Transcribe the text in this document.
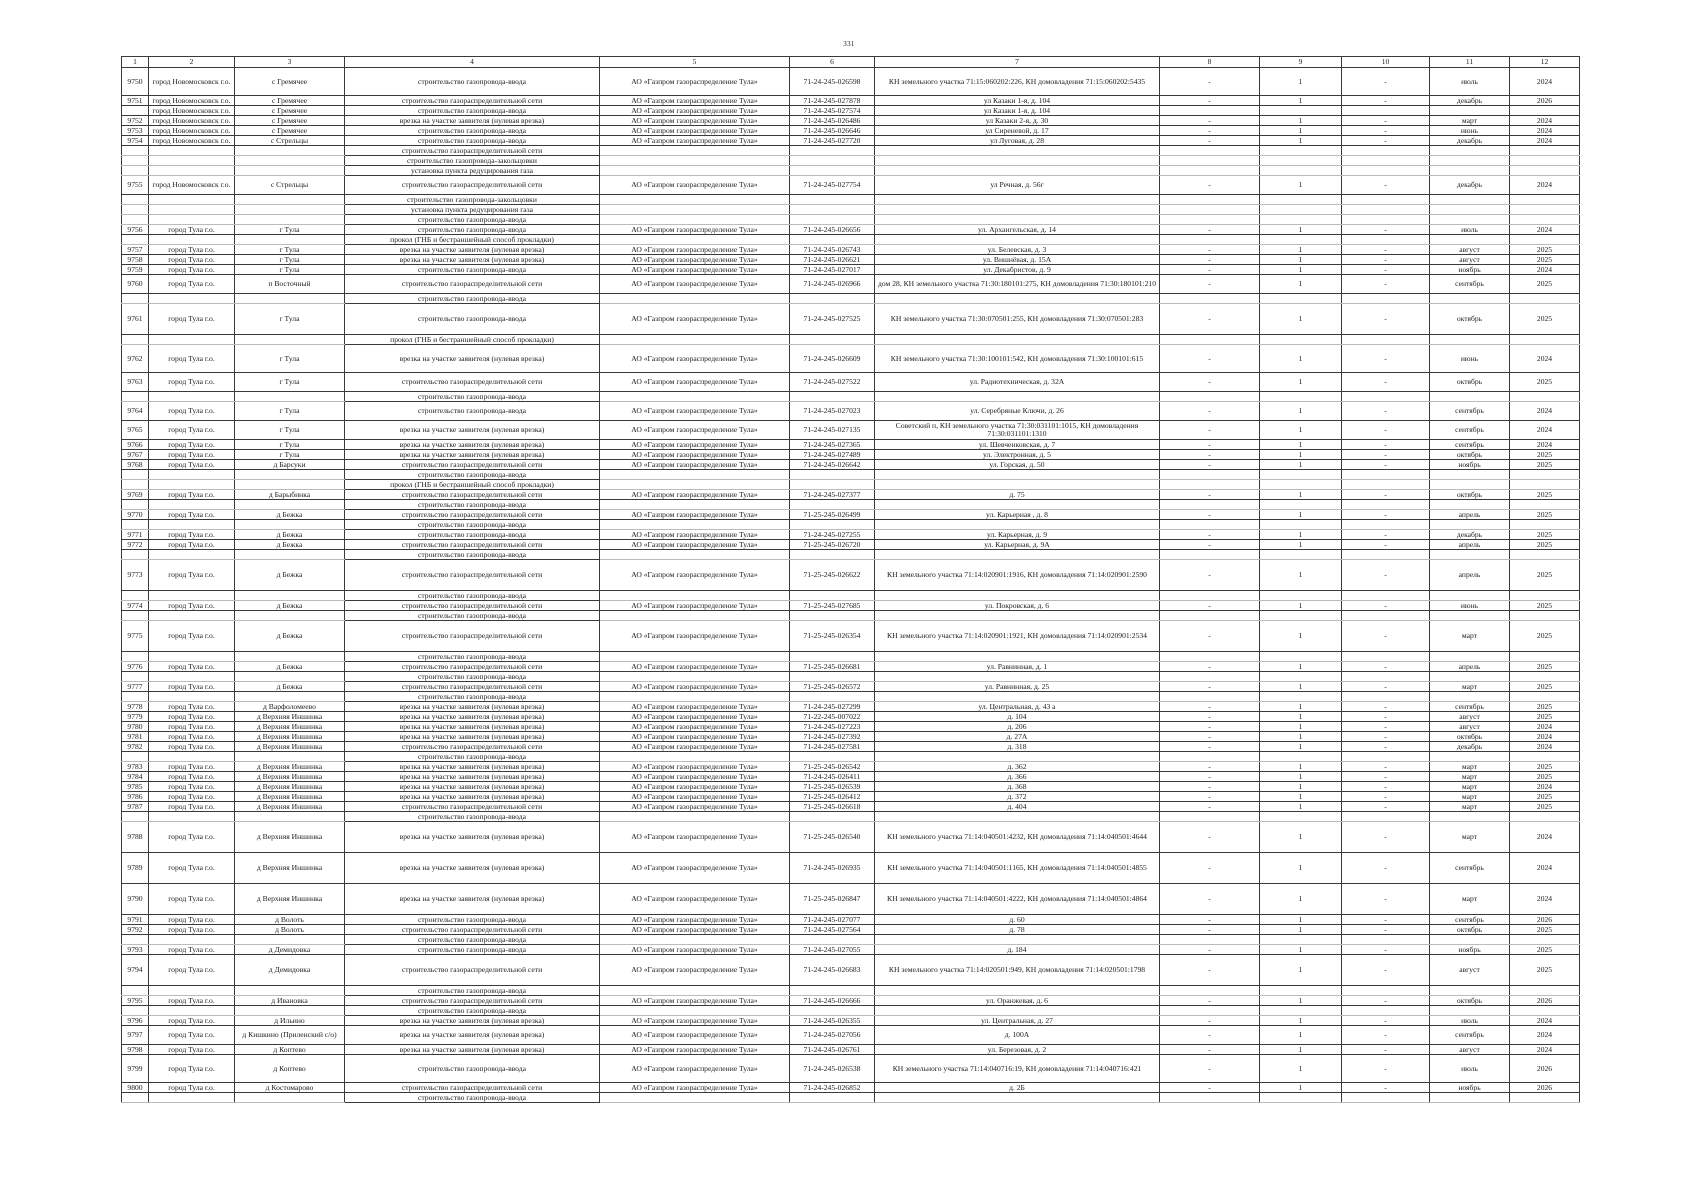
331
1	2	3	4	5	6	7	8	9	10	11	12
9750	город Новомосковск г.о.	с Гремячее	строительство газопровода-ввода	АО «Газпром газораспределение Тула»	71-24-245-026598	КН земельного участка 71:15:060202:226, КН домовладения 71:15:060202:5435	-	1	-	июль	2024
9751	город Новомосковск г.о.	с Гремячее	строительство газораспределительной сети	АО «Газпром газораспределение Тула»	71-24-245-027878	ул Казаки 1-я, д. 104	-	1	-	декабрь	2026
	город Новомосковск г.о.	с Гремячее	строительство газопровода-ввода	АО «Газпром газораспределение Тула»	71-24-245-027574	ул Казаки 1-я, д. 104					
9752	город Новомосковск г.о.	с Гремячее	врезка на участке заявителя (нулевая врезка)	АО «Газпром газораспределение Тула»	71-24-245-026486	ул Казаки 2-я, д. 30	-	1	-	март	2024
9753	город Новомосковск г.о.	с Гремячее	строительство газопровода-ввода	АО «Газпром газораспределение Тула»	71-24-245-026646	ул Сиреневой, д. 17	-	1	-	июнь	2024
9754	город Новомосковск г.о.	с Стрельцы	строительство газопровода-ввода	АО «Газпром газораспределение Тула»	71-24-245-027720	ул Луговая, д. 28	-	1	-	декабрь	2024
			строительство газораспределительной сети								
			строительство газопровода-закольцовки								
			установка пункта редуцирования газа								
9755	город Новомосковск г.о.	с Стрельцы	строительство газораспределительной сети	АО «Газпром газораспределение Тула»	71-24-245-027754	ул Речная, д. 56г	-	1	-	декабрь	2024
			строительство газопровода-закольцовки								
			установка пункта редуцирования газа								
			строительство газопровода-ввода								
9756	город Тула г.о.	г Тула	строительство газопровода-ввода	АО «Газпром газораспределение Тула»	71-24-245-026656	ул. Архангельская, д. 14	-	1	-	июль	2024
			прокол (ГНБ и бестраншейный способ прокладки)								
9757	город Тула г.о.	г Тула	врезка на участке заявителя (нулевая врезка)	АО «Газпром газораспределение Тула»	71-24-245-026743	ул. Белевская, д. 3	-	1	-	август	2025
9758	город Тула г.о.	г Тула	врезка на участке заявителя (нулевая врезка)	АО «Газпром газораспределение Тула»	71-24-245-026621	ул. Вишнёвая, д. 15А	-	1	-	август	2025
9759	город Тула г.о.	г Тула	строительство газопровода-ввода	АО «Газпром газораспределение Тула»	71-24-245-027017	ул. Декабристов, д. 9	-	1	-	ноябрь	2024
9760	город Тула г.о.	п Восточный	строительство газораспределительной сети	АО «Газпром газораспределение Тула»	71-24-245-026966	дом 28, КН земельного участка 71:30:180101:275, КН домовладения 71:30:180101:210	-	1	-	сентябрь	2025
			строительство газопровода-ввода								
9761	город Тула г.о.	г Тула	строительство газопровода-ввода	АО «Газпром газораспределение Тула»	71-24-245-027525	КН земельного участка 71:30:070501:255, КН домовладения 71:30:070501:283	-	1	-	октябрь	2025
			прокол (ГНБ и бестраншейный способ прокладки)								
9762	город Тула г.о.	г Тула	врезка на участке заявителя (нулевая врезка)	АО «Газпром газораспределение Тула»	71-24-245-026609	КН земельного участка 71:30:100101:542, КН домовладения 71:30:100101:615	-	1	-	июнь	2024
9763	город Тула г.о.	г Тула	строительство газораспределительной сети	АО «Газпром газораспределение Тула»	71-24-245-027522	ул. Радиотехническая, д. 32А	-	1	-	октябрь	2025
			строительство газопровода-ввода								
9764	город Тула г.о.	г Тула	строительство газопровода-ввода	АО «Газпром газораспределение Тула»	71-24-245-027023	ул. Серебряные Ключи, д. 26	-	1	-	сентябрь	2024
9765	город Тула г.о.	г Тула	врезка на участке заявителя (нулевая врезка)	АО «Газпром газораспределение Тула»	71-24-245-027135	Советский п, КН земельного участка 71:30:031101:1015, КН домовладения 71:30:031101:1310	-	1	-	сентябрь	2024
9766	город Тула г.о.	г Тула	врезка на участке заявителя (нулевая врезка)	АО «Газпром газораспределение Тула»	71-24-245-027365	ул. Шевченковская, д. 7	-	1	-	сентябрь	2024
9767	город Тула г.о.	г Тула	врезка на участке заявителя (нулевая врезка)	АО «Газпром газораспределение Тула»	71-24-245-027489	ул. Электронная, д. 5	-	1	-	октябрь	2025
9768	город Тула г.о.	д Барсуки	строительство газораспределительной сети	АО «Газпром газораспределение Тула»	71-24-245-026642	ул. Горская, д. 50	-	1	-	ноябрь	2025
			строительство газопровода-ввода								
			прокол (ГНБ и бестраншейный способ прокладки)								
9769	город Тула г.о.	д Барыбинка	строительство газораспределительной сети	АО «Газпром газораспределение Тула»	71-24-245-027377	д. 75	-	1	-	октябрь	2025
			строительство газопровода-ввода								
9770	город Тула г.о.	д Бежка	строительство газораспределительной сети	АО «Газпром газораспределение Тула»	71-25-245-026499	ул. Карьерная , д. 8	-	1	-	апрель	2025
			строительство газопровода-ввода								
9771	город Тула г.о.	д Бежка	строительство газопровода-ввода	АО «Газпром газораспределение Тула»	71-24-245-027255	ул. Карьерная, д. 9	-	1	-	декабрь	2025
9772	город Тула г.о.	д Бежка	строительство газораспределительной сети	АО «Газпром газораспределение Тула»	71-25-245-026720	ул. Карьерная, д. 9А	-	1	-	апрель	2025
			строительство газопровода-ввода								
9773	город Тула г.о.	д Бежка	строительство газораспределительной сети	АО «Газпром газораспределение Тула»	71-25-245-026622	КН земельного участка 71:14:020901:1916, КН домовладения 71:14:020901:2590	-	1	-	апрель	2025
			строительство газопровода-ввода								
9774	город Тула г.о.	д Бежка	строительство газораспределительной сети	АО «Газпром газораспределение Тула»	71-25-245-027685	ул. Покровская, д. 6	-	1	-	июнь	2025
			строительство газопровода-ввода								
9775	город Тула г.о.	д Бежка	строительство газораспределительной сети	АО «Газпром газораспределение Тула»	71-25-245-026354	КН земельного участка 71:14:020901:1921, КН домовладения 71:14:020901:2534	-	1	-	март	2025
			строительство газопровода-ввода								
9776	город Тула г.о.	д Бежка	строительство газораспределительной сети	АО «Газпром газораспределение Тула»	71-25-245-026681	ул. Равнинная, д. 1	-	1	-	апрель	2025
			строительство газопровода-ввода								
9777	город Тула г.о.	д Бежка	строительство газораспределительной сети	АО «Газпром газораспределение Тула»	71-25-245-026572	ул. Равнинная, д. 25	-	1	-	март	2025
			строительство газопровода-ввода								
9778	город Тула г.о.	д Варфоломеево	врезка на участке заявителя (нулевая врезка)	АО «Газпром газораспределение Тула»	71-24-245-027299	ул. Центральная, д. 43 а	-	1	-	сентябрь	2025
9779	город Тула г.о.	д Верхняя Иншинка	врезка на участке заявителя (нулевая врезка)	АО «Газпром газораспределение Тула»	71-22-245-007022	д. 104	-	1	-	август	2025
9780	город Тула г.о.	д Верхняя Иншинка	врезка на участке заявителя (нулевая врезка)	АО «Газпром газораспределение Тула»	71-24-245-027223	д. 206	-	1	-	август	2024
9781	город Тула г.о.	д Верхняя Иншинка	врезка на участке заявителя (нулевая врезка)	АО «Газпром газораспределение Тула»	71-24-245-027392	д. 27А	-	1	-	октябрь	2024
9782	город Тула г.о.	д Верхняя Иншинка	строительство газораспределительной сети	АО «Газпром газораспределение Тула»	71-24-245-027581	д. 318	-	1	-	декабрь	2024
			строительство газопровода-ввода								
9783	город Тула г.о.	д Верхняя Иншинка	врезка на участке заявителя (нулевая врезка)	АО «Газпром газораспределение Тула»	71-25-245-026542	д. 362	-	1	-	март	2025
9784	город Тула г.о.	д Верхняя Иншинка	врезка на участке заявителя (нулевая врезка)	АО «Газпром газораспределение Тула»	71-24-245-026411	д. 366	-	1	-	март	2025
9785	город Тула г.о.	д Верхняя Иншинка	врезка на участке заявителя (нулевая врезка)	АО «Газпром газораспределение Тула»	71-25-245-026539	д. 368	-	1	-	март	2024
9786	город Тула г.о.	д Верхняя Иншинка	врезка на участке заявителя (нулевая врезка)	АО «Газпром газораспределение Тула»	71-25-245-026412	д. 372	-	1	-	март	2025
9787	город Тула г.о.	д Верхняя Иншинка	строительство газораспределительной сети	АО «Газпром газораспределение Тула»	71-25-245-026618	д. 404	-	1	-	март	2025
			строительство газопровода-ввода								
9788	город Тула г.о.	д Верхняя Иншинка	врезка на участке заявителя (нулевая врезка)	АО «Газпром газораспределение Тула»	71-25-245-026540	КН земельного участка 71:14:040501:4232, КН домовладения 71:14:040501:4644	-	1	-	март	2024
9789	город Тула г.о.	д Верхняя Иншинка	врезка на участке заявителя (нулевая врезка)	АО «Газпром газораспределение Тула»	71-24-245-026935	КН земельного участка 71:14:040501:1165, КН домовладения 71:14:040501:4855	-	1	-	сентябрь	2024
9790	город Тула г.о.	д Верхняя Иншинка	врезка на участке заявителя (нулевая врезка)	АО «Газпром газораспределение Тула»	71-25-245-026847	КН земельного участка 71:14:040501:4222, КН домовладения 71:14:040501:4864	-	1	-	март	2024
9791	город Тула г.о.	д Волоть	строительство газопровода-ввода	АО «Газпром газораспределение Тула»	71-24-245-027077	д. 60	-	1	-	сентябрь	2026
9792	город Тула г.о.	д Волоть	строительство газораспределительной сети	АО «Газпром газораспределение Тула»	71-24-245-027564	д. 78	-	1	-	октябрь	2025
			строительство газопровода-ввода								
9793	город Тула г.о.	д Демидовка	строительство газопровода-ввода	АО «Газпром газораспределение Тула»	71-24-245-027055	д. 184	-	1	-	ноябрь	2025
9794	город Тула г.о.	д Демидовка	строительство газораспределительной сети	АО «Газпром газораспределение Тула»	71-24-245-026683	КН земельного участка 71:14:020501:949, КН домовладения 71:14:020501:1798	-	1	-	август	2025
			строительство газопровода-ввода								
9795	город Тула г.о.	д Ивановка	строительство газораспределительной сети	АО «Газпром газораспределение Тула»	71-24-245-026666	ул. Оранжевая, д. 6	-	1	-	октябрь	2026
			строительство газопровода-ввода								
9796	город Тула г.о.	д Ильино	врезка на участке заявителя (нулевая врезка)	АО «Газпром газораспределение Тула»	71-24-245-026355	ул. Центральная, д. 27	-	1	-	июль	2024
9797	город Тула г.о.	д Кишкино (Приленский с/о)	врезка на участке заявителя (нулевая врезка)	АО «Газпром газораспределение Тула»	71-24-245-027056	д. 100А	-	1	-	сентябрь	2024
9798	город Тула г.о.	д Коптево	врезка на участке заявителя (нулевая врезка)	АО «Газпром газораспределение Тула»	71-24-245-026761	ул. Березовая, д. 2	-	1	-	август	2024
9799	город Тула г.о.	д Коптево	строительство газопровода-ввода	АО «Газпром газораспределение Тула»	71-24-245-026538	КН земельного участка 71:14:040716:19, КН домовладения 71:14:040716:421	-	1	-	июль	2026
9800	город Тула г.о.	д Костомарово	строительство газораспределительной сети	АО «Газпром газораспределение Тула»	71-24-245-026852	д. 2Б	-	1	-	ноябрь	2026
			строительство газопровода-ввода								
